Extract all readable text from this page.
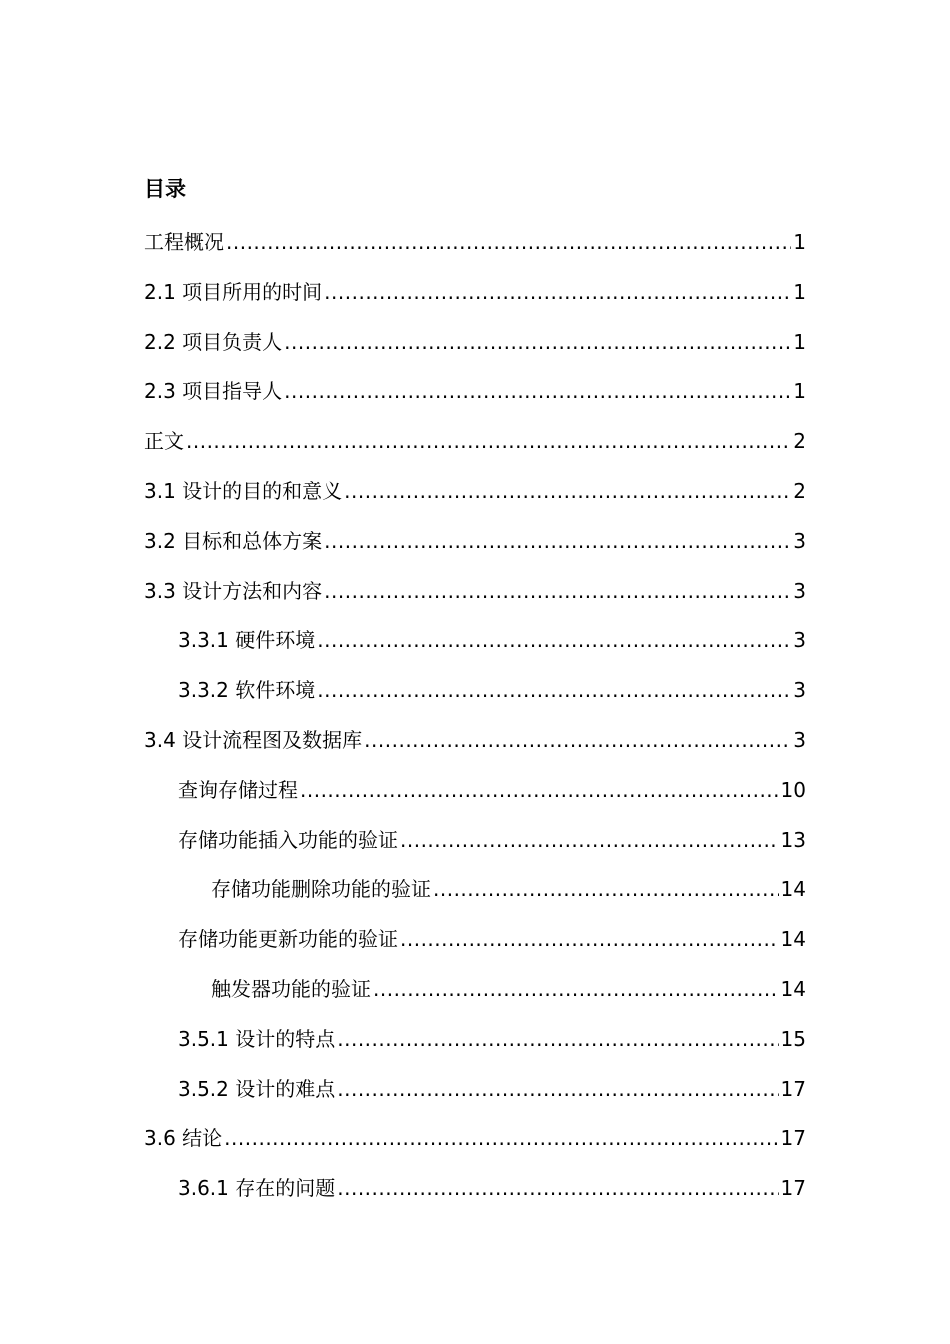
目录
工程概况 .....	1
2.1 项目所用的时间 .....	1
2.2 项目负责人 .....	1
2.3 项目指导人 .....	1
正文 .....	2
3.1 设计的目的和意义 .....	2
3.2 目标和总体方案 .....	3
3.3 设计方法和内容 .....	3
3.3.1 硬件环境 .....	3
3.3.2 软件环境 .....	3
3.4 设计流程图及数据库 .....	3
查询存储过程 .....	10
存储功能插入功能的验证 .....	13
存储功能删除功能的验证 .....	14
存储功能更新功能的验证 .....	14
触发器功能的验证 .....	14
3.5.1 设计的特点 .....	15
3.5.2 设计的难点 .....	17
3.6 结论 .....	17
3.6.1 存在的问题 .....	17
